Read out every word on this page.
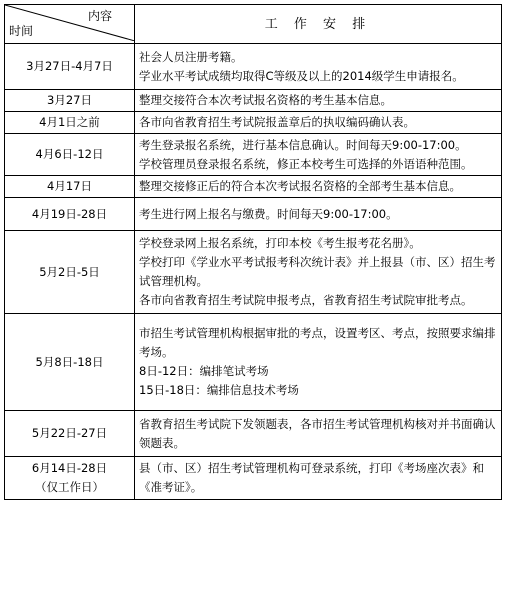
内容
时间	工 作 安 排

3月27日-4月7日	社会人员注册考籍。
学业水平考试成绩均取得C等级及以上的2014级学生申请报名。

3月27日	整理交接符合本次考试报名资格的考生基本信息。

4月1日之前	各市向省教育招生考试院报盖章后的执収编码确认表。

4月6日-12日	考生登录报名系统，进行基本信息确认。时间每天9:00-17:00。
学校管理员登录报名系统，修正本校考生可选择的外语语种范围。

4月17日	整理交接修正后的符合本次考试报名资格的全部考生基本信息。

4月19日-28日	考生进行网上报名与缴费。时间每天9:00-17:00。

5月2日-5日	学校登录网上报名系统，打印本校《考生报考花名册》。
学校打印《学业水平考试报考科次统计表》并上报县（市、区）招生考试管理机构。
各市向省教育招生考试院申报考点，省教育招生考试院审批考点。

5月8日-18日	市招生考试管理机构根据审批的考点，设置考区、考点，按照要求编排考场。
8日-12日：编排笔试考场
15日-18日：编排信息技术考场

5月22日-27日	省教育招生考试院下发领题表，各市招生考试管理机构核对并书面确认领题表。

6月14日-28日
（仅工作日）	县（市、区）招生考试管理机构可登录系统，打印《考场座次表》和《准考证》。
